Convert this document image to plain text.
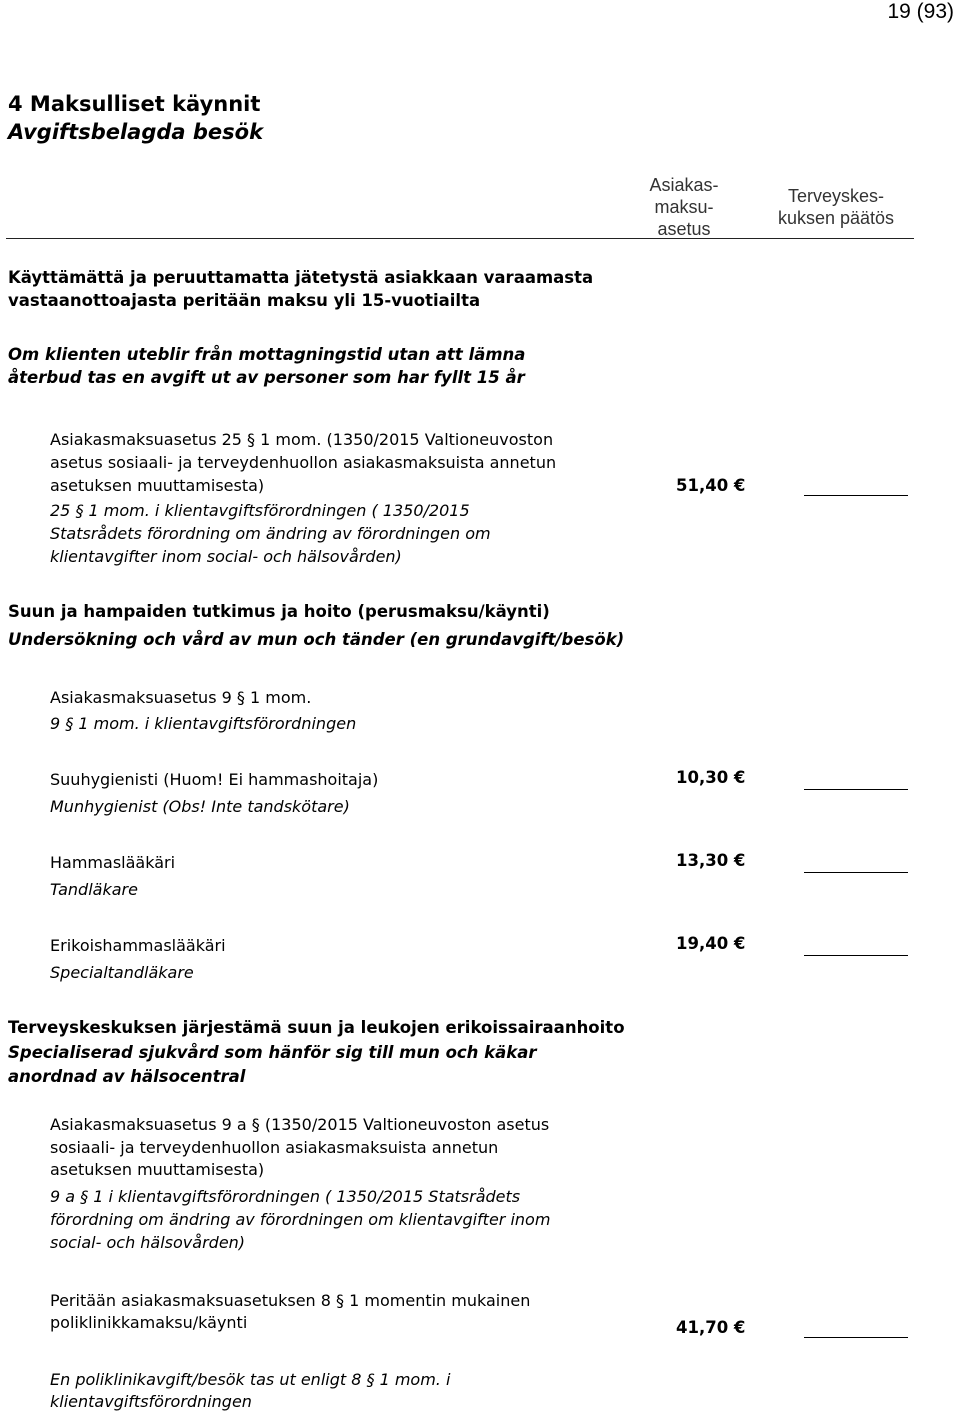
19 (93)
4 Maksulliset käynnit
Avgiftsbelagda besök
Asiakas-
maksu-
asetus
Terveyskes-
kuksen päätös
Käyttämättä ja peruuttamatta jätetystä asiakkaan varaamasta
vastaanottoajasta peritään maksu yli 15-vuotiailta
Om klienten uteblir från mottagningstid utan att lämna
återbud tas en avgift ut av personer som har fyllt 15 år
Asiakasmaksuasetus 25 § 1 mom. (1350/2015 Valtioneuvoston
asetus sosiaali- ja terveydenhuollon asiakasmaksuista annetun
asetuksen muuttamisesta)
25 § 1 mom. i klientavgiftsförordningen ( 1350/2015
Statsrådets förordning om ändring av förordningen om
klientavgifter inom social- och hälsovården)
51,40 €
Suun ja hampaiden tutkimus ja hoito (perusmaksu/käynti)
Undersökning och vård av mun och tänder (en grundavgift/besök)
Asiakasmaksuasetus 9 § 1 mom.
9 § 1 mom. i klientavgiftsförordningen
Suuhygienisti (Huom! Ei hammashoitaja)
Munhygienist (Obs! Inte tandskötare)
10,30 €
Hammaslääkäri
Tandläkare
13,30 €
Erikoishammaslääkäri
Specialtandläkare
19,40 €
Terveyskeskuksen järjestämä suun ja leukojen erikoissairaanhoito
Specialiserad sjukvård som hänför sig till mun och käkar
anordnad av hälsocentral
Asiakasmaksuasetus 9 a § (1350/2015 Valtioneuvoston asetus
sosiaali- ja terveydenhuollon asiakasmaksuista annetun
asetuksen muuttamisesta)
9 a § 1 i klientavgiftsförordningen ( 1350/2015 Statsrådets
förordning om ändring av förordningen om klientavgifter inom
social- och hälsovården)
Peritään asiakasmaksuasetuksen 8 § 1 momentin mukainen
poliklinikkamaksu/käynti	41,70 €
En poliklinikavgift/besök tas ut enligt 8 § 1 mom. i
klientavgiftsförordningen
